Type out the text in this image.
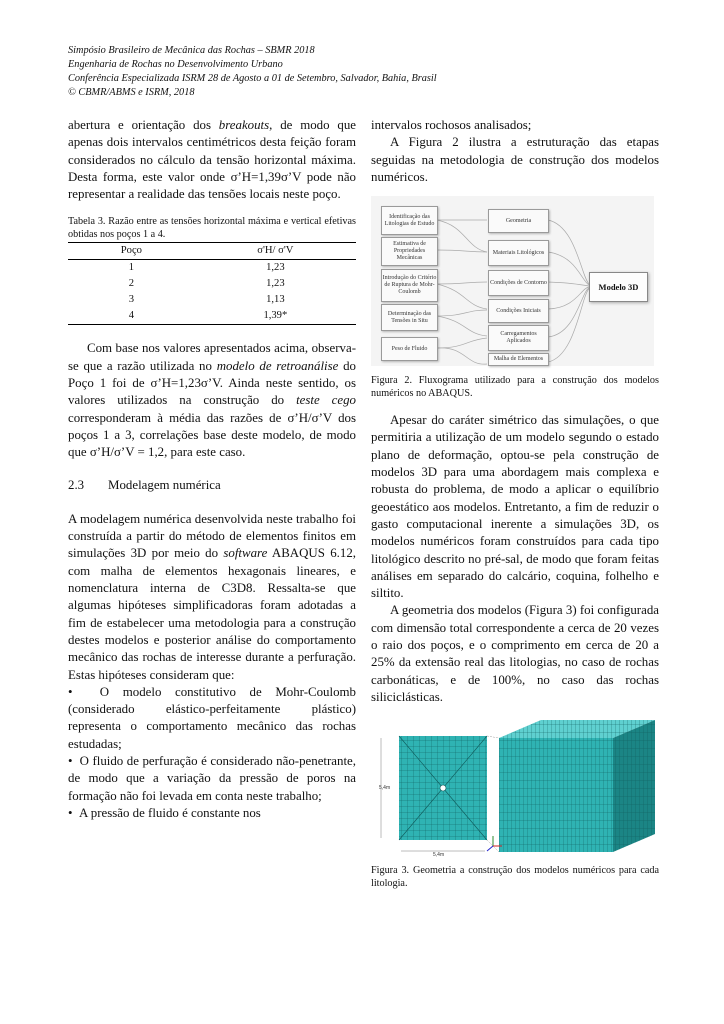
Simpósio Brasileiro de Mecânica das Rochas – SBMR 2018
Engenharia de Rochas no Desenvolvimento Urbano
Conferência Especializada ISRM 28 de Agosto a 01 de Setembro, Salvador, Bahia, Brasil
© CBMR/ABMS e ISRM, 2018

abertura e orientação dos breakouts, de modo que apenas dois intervalos centimétricos desta feição foram considerados no cálculo da tensão horizontal máxima. Desta forma, este valor onde σ’H=1,39σ’V pode não representar a realidade das tensões locais neste poço.

Tabela 3. Razão entre as tensões horizontal máxima e vertical efetivas obtidas nos poços 1 a 4.

Poço	σ'H/ σ'V
1	1,23
2	1,23
3	1,13
4	1,39*

Com base nos valores apresentados acima, observa-se que a razão utilizada no modelo de retroanálise do Poço 1 foi de σ’H=1,23σ’V. Ainda neste sentido, os valores utilizados na construção do teste cego corresponderam à média das razões de σ’H/σ’V dos poços 1 a 3, correlações base deste modelo, de modo que σ’H/σ’V = 1,2, para este caso.

2.3	Modelagem numérica

A modelagem numérica desenvolvida neste trabalho foi construída a partir do método de elementos finitos em simulações 3D por meio do software ABAQUS 6.12, com malha de elementos hexagonais lineares, e nomenclatura interna de C3D8. Ressalta-se que algumas hipóteses simplificadoras foram adotadas a fim de estabelecer uma metodologia para a construção destes modelos e posterior análise do comportamento mecânico das rochas de interesse durante a perfuração. Estas hipóteses consideram que:

•  O modelo constitutivo de Mohr-Coulomb (considerado elástico-perfeitamente plástico) representa o comportamento mecânico das rochas estudadas;
•  O fluido de perfuração é considerado não-penetrante, de modo que a variação da pressão de poros na formação não foi levada em conta neste trabalho;
•  A pressão de fluido é constante nos

intervalos rochosos analisados;

A Figura 2 ilustra a estruturação das etapas seguidas na metodologia de construção dos modelos numéricos.

Identificação das Litologias de Estudo
Estimativa de Propriedades Mecânicas
Introdução do Critério de Ruptura de Mohr-Coulomb
Determinação das Tensões in Situ
Peso de Fluido
Geometria
Materiais Litológicos
Condições de Contorno
Condições Iniciais
Carregamentos Aplicados
Malha de Elementos
Modelo 3D

Figura 2. Fluxograma utilizado para a construção dos modelos numéricos no ABAQUS.

Apesar do caráter simétrico das simulações, o que permitiria a utilização de um modelo segundo o estado plano de deformação, optou-se pela construção de modelos 3D para uma abordagem mais complexa e robusta do problema, de modo a aplicar o equilíbrio geoestático aos modelos. Entretanto, a fim de reduzir o gasto computacional inerente a simulações 3D, os modelos numéricos foram construídos para cada tipo litológico descrito no pré-sal, de modo que foram feitas análises em separado do calcário, coquina, folhelho e siltito.

A geometria dos modelos (Figura 3) foi configurada com dimensão total correspondente a cerca de 20 vezes o raio dos poços, e o comprimento em cerca de 20 a 25% da extensão real das litologias, no caso de rochas carbonáticas, e de 100%, no caso das rochas siliciclásticas.

5,4m
5,4m

Figura 3. Geometria a construção dos modelos numéricos para cada litologia.
